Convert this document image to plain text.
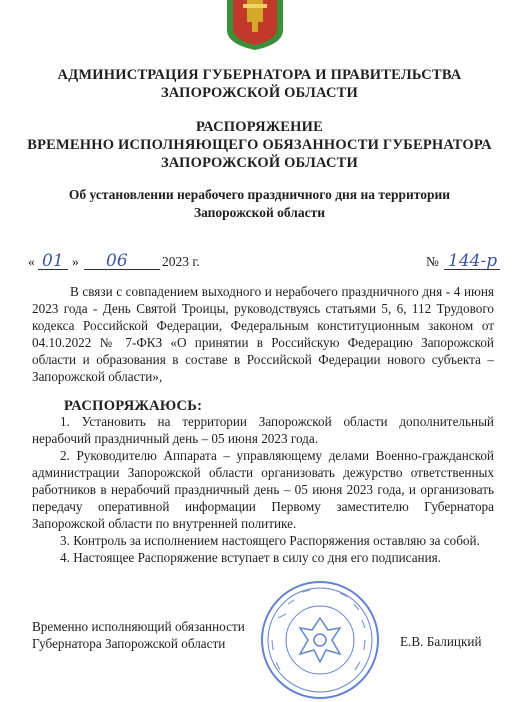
АДМИНИСТРАЦИЯ ГУБЕРНАТОРА И ПРАВИТЕЛЬСТВА
ЗАПОРОЖСКОЙ ОБЛАСТИ
РАСПОРЯЖЕНИЕ
ВРЕМЕННО ИСПОЛНЯЮЩЕГО ОБЯЗАННОСТИ ГУБЕРНАТОРА
ЗАПОРОЖСКОЙ ОБЛАСТИ
Об установлении нерабочего праздничного дня на территории
Запорожской области
« 01 » 06	2023 г.	№ 144-р
В связи с совпадением выходного и нерабочего праздничного дня - 4 июня 2023 года - День Святой Троицы, руководствуясь статьями 5, 6, 112 Трудового кодекса Российской Федерации, Федеральным конституционным законом от 04.10.2022 № 7-ФКЗ «О принятии в Российскую Федерацию Запорожской области и образования в составе в Российской Федерации нового субъекта – Запорожской области»,
РАСПОРЯЖАЮСЬ:

1. Установить на территории Запорожской области дополнительный нерабочий праздничный день – 05 июня 2023 года.

2. Руководителю Аппарата – управляющему делами Военно-гражданской администрации Запорожской области организовать дежурство ответственных работников в нерабочий праздничный день – 05 июня 2023 года, и организовать передачу оперативной информации Первому заместителю Губернатора Запорожской области по внутренней политике.

3. Контроль за исполнением настоящего Распоряжения оставляю за собой.

4. Настоящее Распоряжение вступает в силу со дня его подписания.

Временно исполняющий обязанности
Губернатора Запорожской области	Е.В. Балицкий
